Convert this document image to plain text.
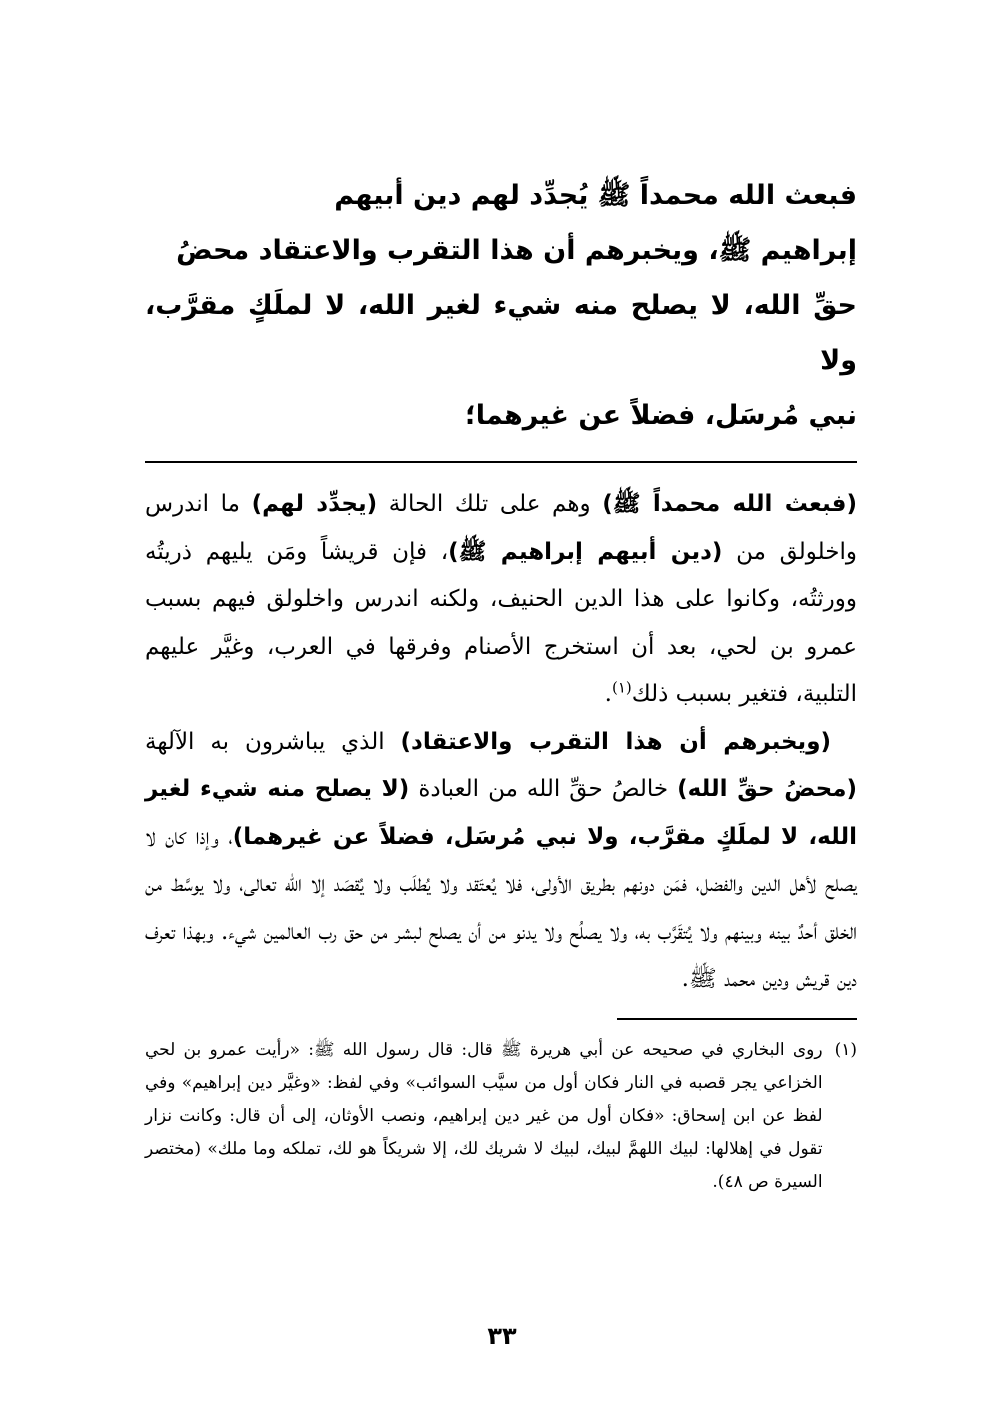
فبعث الله محمداً ﷺ يُجدِّد لهم دين أبيهم
إبراهيم ﷺ، ويخبرهم أن هذا التقرب والاعتقاد محضُ
حقِّ الله، لا يصلح منه شيء لغير الله، لا لملَكٍ مقرَّب، ولا
نبي مُرسَل، فضلاً عن غيرهما؛

(فبعث الله محمداً ﷺ) وهم على تلك الحالة (يجدِّد لهم) ما اندرس واخلولق من (دين أبيهم إبراهيم ﷺ)، فإن قريشاً ومَن يليهم ذريتُه وورثتُه، وكانوا على هذا الدين الحنيف، ولكنه اندرس واخلولق فيهم بسبب عمرو بن لحي، بعد أن استخرج الأصنام وفرقها في العرب، وغيَّر عليهم التلبية، فتغير بسبب ذلك$^{(١)}$.

(ويخبرهم أن هذا التقرب والاعتقاد) الذي يباشرون به الآلهة (محضُ حقِّ الله) خالصُ حقِّ الله من العبادة (لا يصلح منه شيء لغير الله، لا لملَكٍ مقرَّب، ولا نبي مُرسَل، فضلاً عن غيرهما)، وإذا كان لا يصلح لأهل الدين والفضل، فمَن دونهم بطريق الأولى، فلا يُعتَقد ولا يُطلَب ولا يُقصَد إلا الله تعالى، ولا يوسَّط من الخلق أحدٌ بينه وبينهم ولا يُتقَرَّب به، ولا يصلُح ولا يدنو من أن يصلح لبشر من حق رب العالمين شيء. وبهذا تعرف دين قريش ودين محمد ﷺ.

(١)
روى البخاري في صحيحه عن أبي هريرة ﷺ قال: قال رسول الله ﷺ: «رأيت عمرو بن لحي الخزاعي يجر قصبه في النار فكان أول من سيَّب السوائب» وفي لفظ: «وغيَّر دين إبراهيم» وفي لفظ عن ابن إسحاق: «فكان أول من غير دين إبراهيم، ونصب الأوثان، إلى أن قال: وكانت نزار تقول في إهلالها: لبيك اللهمَّ لبيك، لبيك لا شريك لك، إلا شريكاً هو لك، تملكه وما ملك» (مختصر السيرة ص ٤٨).
٣٣
